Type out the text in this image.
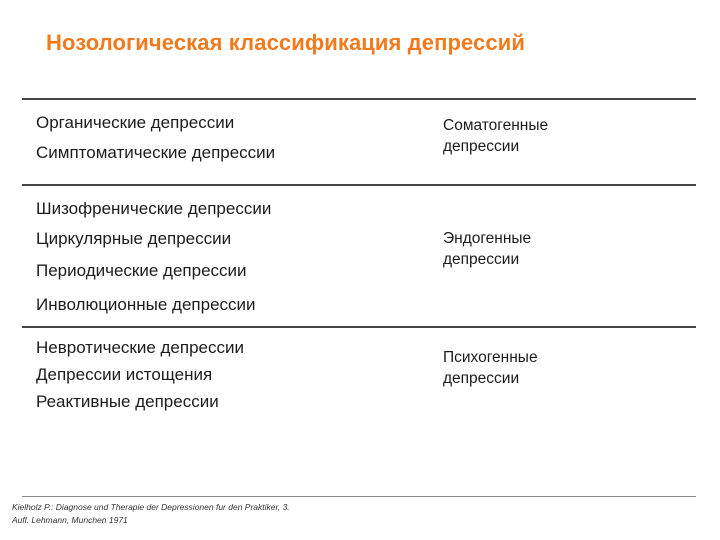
Нозологическая классификация депрессий
Органические депрессии
Симптоматические депрессии
Соматогенные
депрессии
Шизофренические депрессии
Циркулярные депрессии
Периодические депрессии
Инволюционные депрессии
Эндогенные
депрессии
Невротические депрессии
Депрессии истощения
Реактивные депрессии
Психогенные
депрессии
Kielholz P.: Diagnose und Therapie der Depressionen fur den Praktiker, 3.
Aufl. Lehmann, Munchen 1971
